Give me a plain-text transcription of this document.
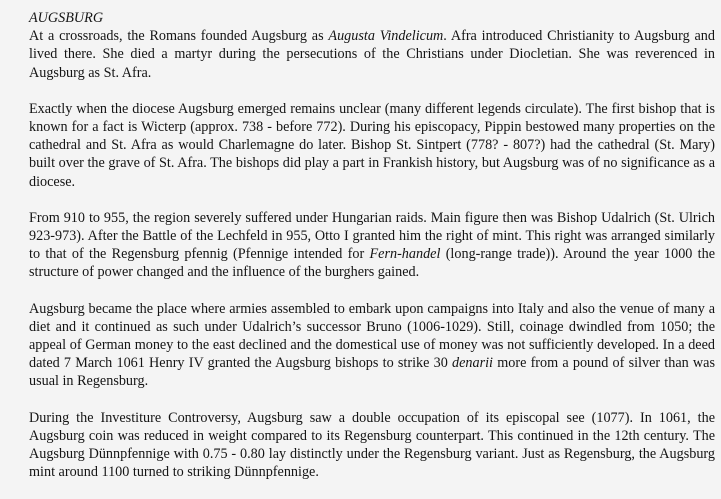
AUGSBURG

At a crossroads, the Romans founded Augsburg as Augusta Vindelicum. Afra introduced Christianity to Augsburg and lived there. She died a martyr during the persecutions of the Christians under Diocletian. She was reverenced in Augsburg as St. Afra.

Exactly when the diocese Augsburg emerged remains unclear (many different legends circulate). The first bishop that is known for a fact is Wicterp (approx. 738 - before 772). During his episcopacy, Pippin bestowed many properties on the cathedral and St. Afra as would Charlemagne do later. Bishop St. Sintpert (778? - 807?) had the cathedral (St. Mary) built over the grave of St. Afra. The bishops did play a part in Frankish history, but Augsburg was of no significance as a diocese.

From 910 to 955, the region severely suffered under Hungarian raids. Main figure then was Bishop Udalrich (St. Ulrich 923-973). After the Battle of the Lechfeld in 955, Otto I granted him the right of mint. This right was arranged similarly to that of the Regensburg pfennig (Pfennige intended for Fern-handel (long-range trade)). Around the year 1000 the structure of power changed and the influence of the burghers gained.

Augsburg became the place where armies assembled to embark upon campaigns into Italy and also the venue of many a diet and it continued as such under Udalrich’s successor Bruno (1006-1029). Still, coinage dwindled from 1050; the appeal of German money to the east declined and the domestical use of money was not sufficiently developed. In a deed dated 7 March 1061 Henry IV granted the Augsburg bishops to strike 30 denarii more from a pound of silver than was usual in Regensburg.

During the Investiture Controversy, Augsburg saw a double occupation of its episcopal see (1077). In 1061, the Augsburg coin was reduced in weight compared to its Regensburg counterpart. This continued in the 12th century. The Augsburg Dünnpfennige with 0.75 - 0.80 lay distinctly under the Regensburg variant. Just as Regensburg, the Augsburg mint around 1100 turned to striking Dünnpfennige.
